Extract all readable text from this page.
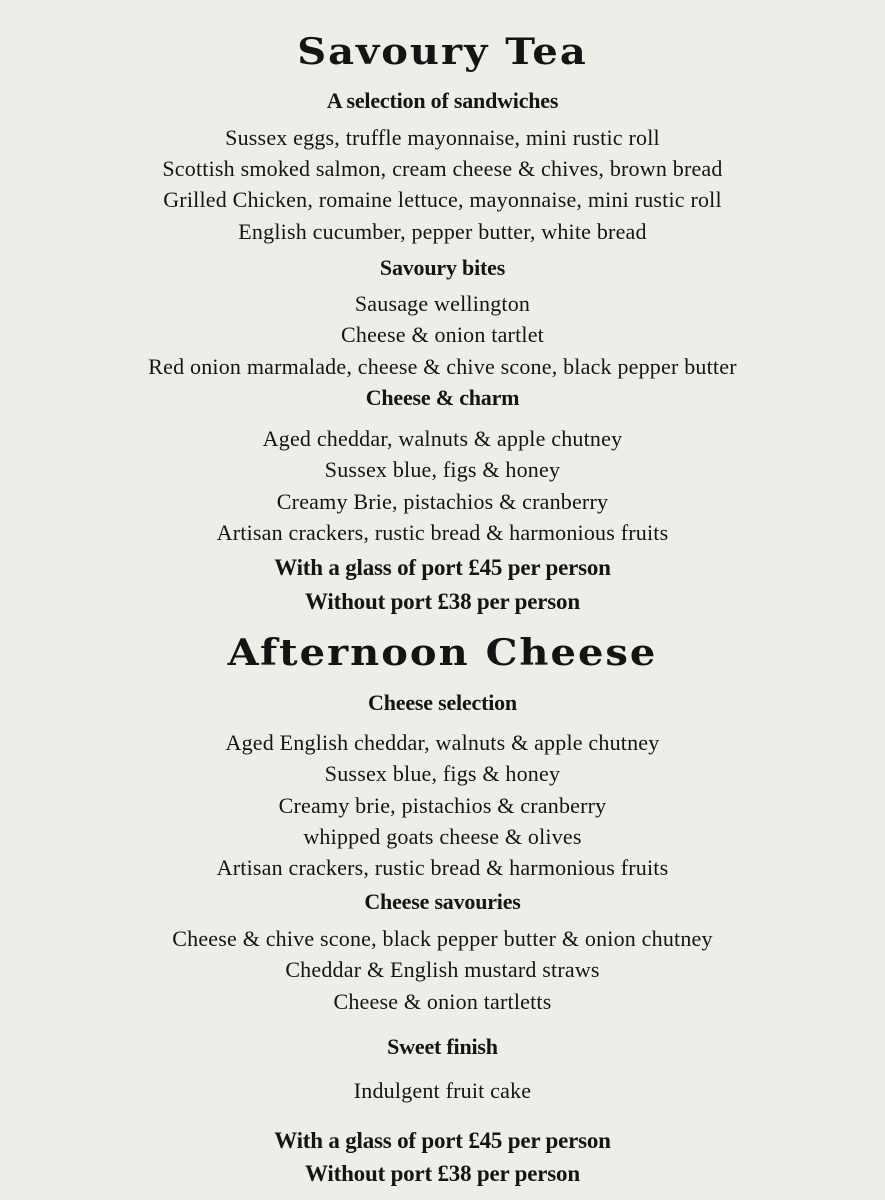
Savoury Tea
A selection of sandwiches
Sussex eggs, truffle mayonnaise, mini rustic roll
Scottish smoked salmon, cream cheese & chives, brown bread
Grilled Chicken, romaine lettuce, mayonnaise, mini rustic roll
English cucumber, pepper butter, white bread
Savoury bites
Sausage wellington
Cheese & onion tartlet
Red onion marmalade, cheese & chive scone, black pepper butter
Cheese & charm
Aged cheddar, walnuts & apple chutney
Sussex blue, figs & honey
Creamy Brie, pistachios & cranberry
Artisan crackers, rustic bread & harmonious fruits
With a glass of port £45 per person
Without port £38 per person
Afternoon Cheese
Cheese selection
Aged English cheddar, walnuts & apple chutney
Sussex blue, figs & honey
Creamy brie, pistachios & cranberry
whipped goats cheese & olives
Artisan crackers, rustic bread & harmonious fruits
Cheese savouries
Cheese & chive scone, black pepper butter & onion chutney
Cheddar & English mustard straws
Cheese & onion tartletts
Sweet finish
Indulgent fruit cake
With a glass of port £45 per person
Without port £38 per person
